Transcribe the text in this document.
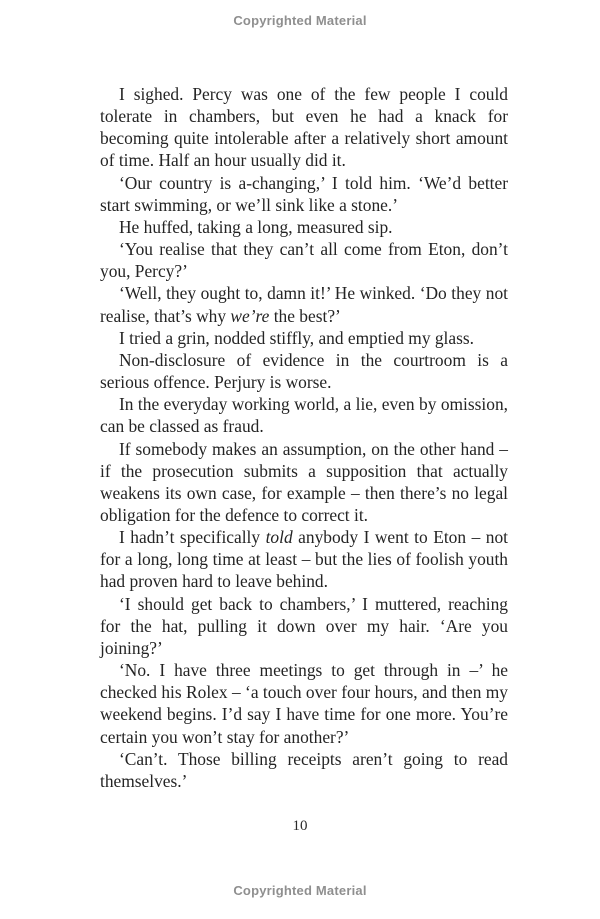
Copyrighted Material

I sighed. Percy was one of the few people I could tolerate in chambers, but even he had a knack for becoming quite intolerable after a relatively short amount of time. Half an hour usually did it.

‘Our country is a-changing,’ I told him. ‘We’d better start swimming, or we’ll sink like a stone.’

He huffed, taking a long, measured sip.

‘You realise that they can’t all come from Eton, don’t you, Percy?’

‘Well, they ought to, damn it!’ He winked. ‘Do they not realise, that’s why we’re the best?’

I tried a grin, nodded stiffly, and emptied my glass.

Non-disclosure of evidence in the courtroom is a serious offence. Perjury is worse.

In the everyday working world, a lie, even by omission, can be classed as fraud.

If somebody makes an assumption, on the other hand – if the prosecution submits a supposition that actually weakens its own case, for example – then there’s no legal obligation for the defence to correct it.

I hadn’t specifically told anybody I went to Eton – not for a long, long time at least – but the lies of foolish youth had proven hard to leave behind.

‘I should get back to chambers,’ I muttered, reaching for the hat, pulling it down over my hair. ‘Are you joining?’

‘No. I have three meetings to get through in –’ he checked his Rolex – ‘a touch over four hours, and then my weekend begins. I’d say I have time for one more. You’re certain you won’t stay for another?’

‘Can’t. Those billing receipts aren’t going to read themselves.’

10
Copyrighted Material
